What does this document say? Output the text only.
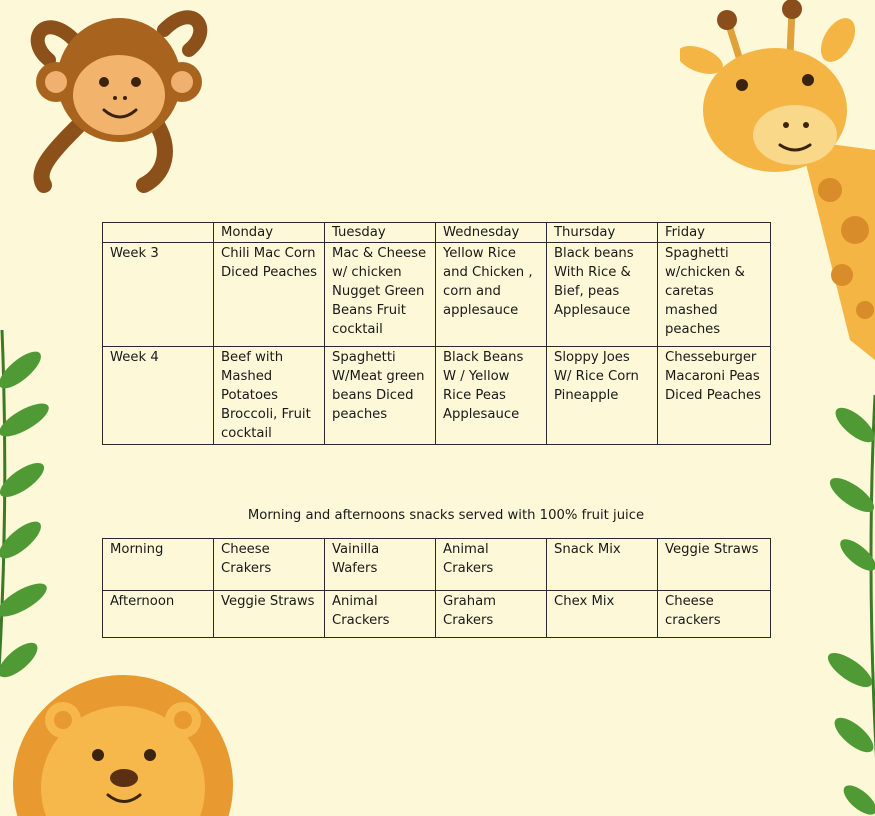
	Monday	Tuesday	Wednesday	Thursday	Friday
Week 3	Chili Mac Corn Diced Peaches	Mac & Cheese w/ chicken Nugget Green Beans Fruit cocktail	Yellow Rice and Chicken , corn and applesauce	Black beans With Rice & Bief, peas Applesauce	Spaghetti w/chicken & caretas mashed peaches
Week 4	Beef with Mashed Potatoes Broccoli, Fruit cocktail	Spaghetti W/Meat green beans Diced peaches	Black Beans W / Yellow Rice Peas Applesauce	Sloppy Joes W/ Rice Corn Pineapple	Chesseburger Macaroni Peas Diced Peaches
Morning and afternoons snacks served with 100% fruit juice
Morning	Cheese Crakers	Vainilla Wafers	Animal Crakers	Snack Mix	Veggie Straws
Afternoon	Veggie Straws	Animal Crackers	Graham Crakers	Chex Mix	Cheese crackers
